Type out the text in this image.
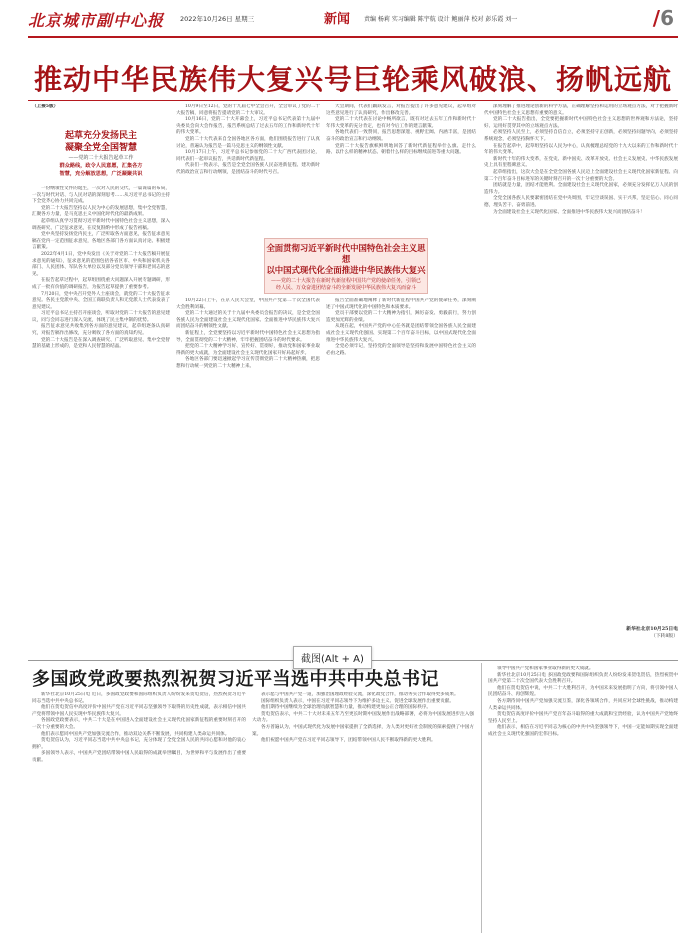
北京城市副中心报 2022年10月26日 星期三	新闻 责编 杨莉 实习编辑 陈宇航 设计 鲍丽萍 校对 彭乐霞 刘一	/6
推动中华民族伟大复兴号巨轮乘风破浪、扬帆远航

（上接5版）

起草充分发扬民主
凝聚全党全国智慧
——党的二十大报告起草工作
群众路线，政令人民意愿，汇集各方
智慧，充分解放思想，广泛凝聚共识

一份纲领性文件的诞生，一次对人民的交代，一篇谋篇的布局，一次与时代对话、与人民对话的深刻思考……从习近平总书记的主持下全党齐心协力共同完成。

党的二十大报告坚持以人民为中心的发展思想，集中全党智慧，汇聚各方力量，是马克思主义中国化时代化的最新成果。

起草组认真学习贯彻习近平新时代中国特色社会主义思想，深入调查研究、广泛征求意见，在反复斟酌中形成了报告初稿。

党中央坚持发扬党内民主，广泛听取各方面意见，报告征求意见稿在党内一定范围征求意见，各地区各部门各方面认真讨论、积极建言献策。

2022年4月1日，党中央发出《关于对党的二十大报告稿开展征求意见的通知》，征求意见的范围包括各省区市、中央和国家机关各部门、人民团体、军队各大单位以及部分党员领导干部和老同志的意见。

在报告起草过程中，起草组围绕重大问题深入开展专题调研，形成了一批有价值的调研报告，为报告起草提供了重要参考。

7月20日，党中央召开党外人士座谈会，就党的二十大报告征求意见。各民主党派中央、全国工商联负责人和无党派人士代表发表了意见建议。

习近平总书记主持召开座谈会，听取对党的二十大报告的意见建议，同与会同志进行深入交流，体现了民主集中制的优势。

报告征求意见共收集到各方面的意见建议，起草组逐条认真研究，对报告稿作出修改，充分吸收了各方面的真知灼见。

党的二十大报告是在深入调查研究、广泛听取意见、集中全党智慧的基础上形成的，是党和人民智慧的结晶。

10月9日至12日，党的十九届七中全会召开，全会审议了党的二十大报告稿，同意将报告提请党的二十大审议。

10月16日，党的二十大开幕会上，习近平总书记代表第十九届中央委员会向大会作报告，报告系统总结了过去五年的工作和新时代十年的伟大变革。

党的二十大代表来自全国各地区各方面，他们围绕报告进行了认真讨论，普遍认为报告是一篇马克思主义的纲领性文献。

10月17日上午，习近平总书记参加党的二十大广西代表团讨论，同代表们一起审议报告，共话新时代新征程。

代表们一致表示，报告是全党全国各族人民奋进新征程、建功新时代的政治宣言和行动纲领，是团结奋斗的时代号召。

大会期间，代表们踊跃发言，对报告提出了许多意见建议，起草组对这些意见进行了认真研究，作出修改完善。

党的二十大代表在讨论中畅所欲言，既有对过去五年工作和新时代十年伟大变革的充分肯定，也有对今后工作的建言献策。

各地代表们一致赞同，报告思想深邃、视野宏阔、内涵丰富，是团结奋斗的政治宣言和行动纲领。

党的二十大报告旗帜鲜明地回答了新时代新征程举什么旗、走什么路、以什么样的精神状态、朝着什么样的目标继续前进等重大问题。

全面贯彻习近平新时代中国特色社会主义思想
以中国式现代化全面推进中华民族伟大复兴
——党的二十大报告在新时代新征程中国共产党的使命任务，引领已经人民、万众奋进团结奋斗的全新发展中华民族伟大复兴而奋斗

10月22日上午，在京人民大会堂，中国共产党第二十次全国代表大会胜利闭幕。

党的二十大通过的关于十九届中央委员会报告的决议，是全党全国各族人民为全面建设社会主义现代化国家、全面推进中华民族伟大复兴而团结奋斗的纲领性文献。

新征程上，全党要坚持以习近平新时代中国特色社会主义思想为指导，全面贯彻党的二十大精神，牢牢把握团结奋斗的时代要求。

把党的二十大精神学习好、宣传好、贯彻好，推动党和国家事业取得新的更大成就，为全面建设社会主义现代化国家开好局起好步。

各地区各部门要迅速掀起学习宣传贯彻党的二十大精神热潮，把思想和行动统一到党的二十大精神上来。

报告全面准确地阐释了新时代新征程中国共产党的使命任务，深刻阐述了中国式现代化的中国特色和本质要求。

党员干部要以党的二十大精神为指引，踔厉奋发、勇毅前行，努力创造更加光辉的业绩。

从现在起，中国共产党的中心任务就是团结带领全国各族人民全面建成社会主义现代化强国、实现第二个百年奋斗目标，以中国式现代化全面推进中华民族伟大复兴。

全党必须牢记，坚持党的全面领导是坚持和发展中国特色社会主义的必由之路。

深刻理解了推进理论创新的科学方法，正确理解坚持和运用的立场观点方法，对于把握新时代中国特色社会主义思想有重要的意义。

党的二十大报告指出，全党要把握新时代中国特色社会主义思想的世界观和方法论，坚持好、运用好贯穿其中的立场观点方法。

必须坚持人民至上，必须坚持自信自立，必须坚持守正创新，必须坚持问题导向，必须坚持系统观念，必须坚持胸怀天下。

在报告起草中，起草组坚持以人民为中心，认真梳理总结党的十九大以来的工作和新时代十年的伟大变革。

新时代十年的伟大变革，在党史、新中国史、改革开放史、社会主义发展史、中华民族发展史上具有里程碑意义。

起草组指出，这次大会是在全党全国各族人民迈上全面建设社会主义现代化国家新征程、向第二个百年奋斗目标进军的关键时刻召开的一次十分重要的大会。

团结就是力量，团结才能胜利。全面建设社会主义现代化国家，必须充分发挥亿万人民的创造伟力。

全党全国各族人民要紧密团结在党中央周围，牢记空谈误国、实干兴邦，坚定信心、同心同德，埋头苦干、奋勇前进。

为全面建设社会主义现代化国家、全面推进中华民族伟大复兴而团结奋斗！

新华社北京10月25日电
（下转8版）
截图(Alt + A)
多国政党政要热烈祝贺习近平当选中共中央总书记

新华社北京10月25日电 近日，多国政党政要和国际组织负责人纷纷发来贺电贺信，热烈祝贺习近平同志当选中共中央总书记。

他们在贺电贺信中高度评价中国共产党在习近平同志坚强领导下取得的历史性成就，表示相信中国共产党将带领中国人民实现中华民族伟大复兴。

各国政党政要表示，中共二十大是在中国进入全面建设社会主义现代化国家新征程的重要时刻召开的一次十分重要的大会。

他们表示愿同中国共产党加强交流合作，推动双边关系不断发展，共同构建人类命运共同体。

贺电贺信认为，习近平同志当选中共中央总书记，充分体现了全党全国人民的共同心愿和对他的衷心拥护。

多国领导人表示，中国共产党团结带领中国人民取得的成就举世瞩目，为世界和平与发展作出了重要贡献。

表示愿与中国共产党一道，加强治国理政经验交流，深化政党合作，推动务实合作取得更多成果。

国际组织负责人表示，中国在习近平同志领导下为维护多边主义、促进全球发展作出重要贡献。

他们期待中国继续为全球治理贡献智慧和力量，推动构建更加公正合理的国际秩序。

贺电贺信表示，中共二十大对未来五年乃至更长时期中国发展作出战略部署，必将为中国发展进步注入强大动力。

各方普遍认为，中国式现代化为发展中国家提供了全新选择，为人类对更好社会制度的探索提供了中国方案。

他们祝愿中国共产党在习近平同志领导下，团结带领中国人民不断取得新的更大胜利。

领导中国共产党和国家事业取得新的更大成就。

新华社北京10月25日电 多国政党政要和国际组织负责人纷纷发来贺电贺信，热烈祝贺中国共产党第二十次全国代表大会胜利召开。

他们在贺电贺信中说，中共二十大胜利召开，为中国未来发展指明了方向，将引领中国人民团结奋斗、再创辉煌。

各方期待同中国共产党加强交流互鉴，深化各领域合作，共同应对全球性挑战，推动构建人类命运共同体。

贺电贺信高度评价中国共产党百年奋斗取得的重大成就和宝贵经验，认为中国共产党始终坚持人民至上。

他们表示，相信在习近平同志为核心的中共中央坚强领导下，中国一定能如期实现全面建成社会主义现代化强国的宏伟目标。
